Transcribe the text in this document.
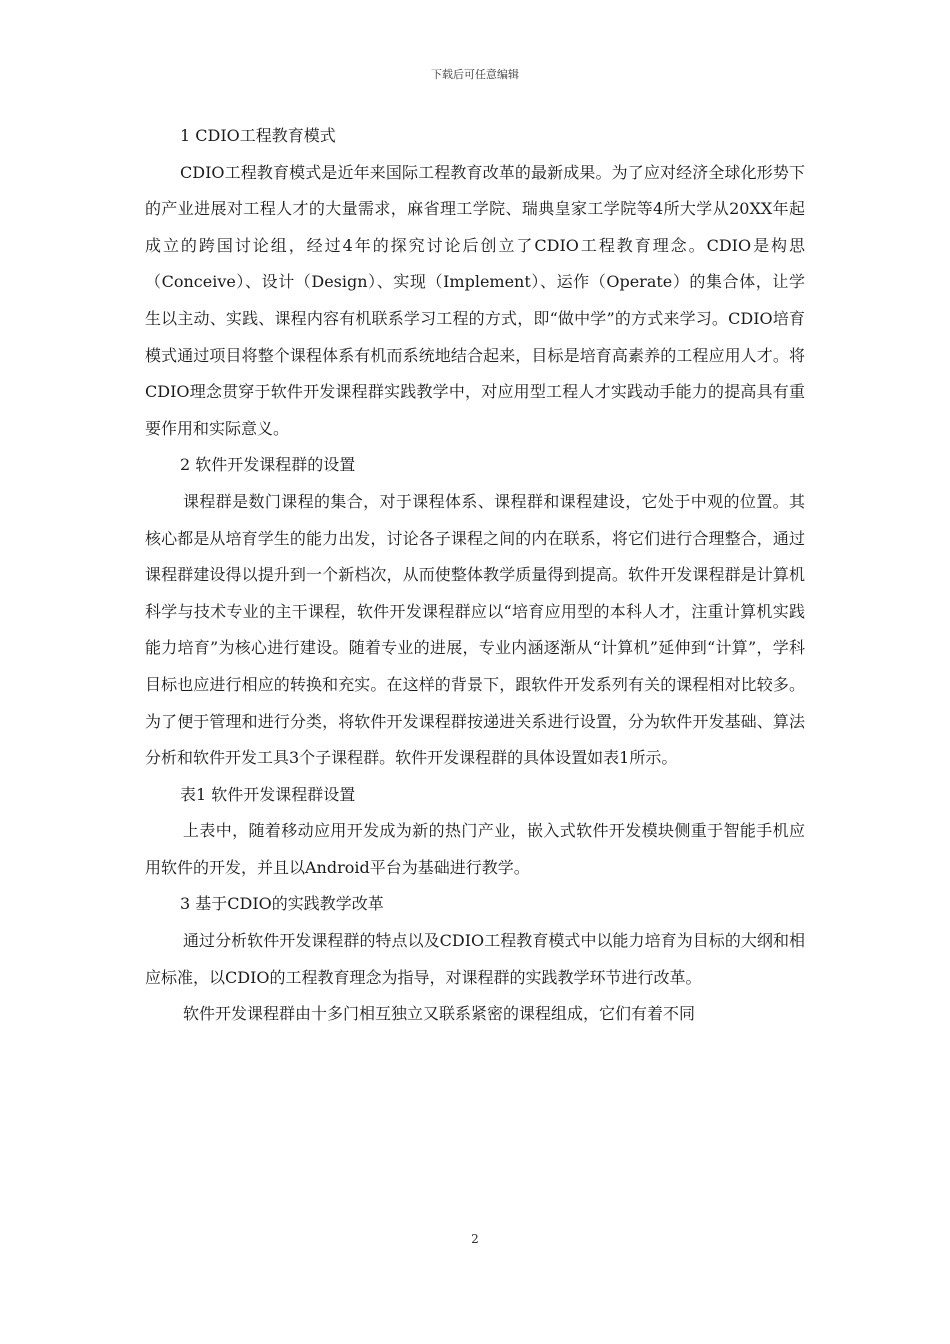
下载后可任意编辑

1 CDIO工程教育模式

CDIO工程教育模式是近年来国际工程教育改革的最新成果。为了应对经济全球化形势下的产业进展对工程人才的大量需求，麻省理工学院、瑞典皇家工学院等4所大学从20XX年起成立的跨国讨论组，经过4年的探究讨论后创立了CDIO工程教育理念。CDIO是构思（Conceive）、设计（Design）、实现（Implement）、运作（Operate）的集合体，让学生以主动、实践、课程内容有机联系学习工程的方式，即“做中学”的方式来学习。CDIO培育模式通过项目将整个课程体系有机而系统地结合起来，目标是培育高素养的工程应用人才。将CDIO理念贯穿于软件开发课程群实践教学中，对应用型工程人才实践动手能力的提高具有重要作用和实际意义。

2 软件开发课程群的设置

课程群是数门课程的集合，对于课程体系、课程群和课程建设，它处于中观的位置。其核心都是从培育学生的能力出发，讨论各子课程之间的内在联系，将它们进行合理整合，通过课程群建设得以提升到一个新档次，从而使整体教学质量得到提高。软件开发课程群是计算机科学与技术专业的主干课程，软件开发课程群应以“培育应用型的本科人才，注重计算机实践能力培育”为核心进行建设。随着专业的进展，专业内涵逐渐从“计算机”延伸到“计算”，学科目标也应进行相应的转换和充实。在这样的背景下，跟软件开发系列有关的课程相对比较多。为了便于管理和进行分类，将软件开发课程群按递进关系进行设置，分为软件开发基础、算法分析和软件开发工具3个子课程群。软件开发课程群的具体设置如表1所示。

表1 软件开发课程群设置

上表中，随着移动应用开发成为新的热门产业，嵌入式软件开发模块侧重于智能手机应用软件的开发，并且以Android平台为基础进行教学。

3 基于CDIO的实践教学改革

通过分析软件开发课程群的特点以及CDIO工程教育模式中以能力培育为目标的大纲和相应标准，以CDIO的工程教育理念为指导，对课程群的实践教学环节进行改革。

软件开发课程群由十多门相互独立又联系紧密的课程组成，它们有着不同

2
